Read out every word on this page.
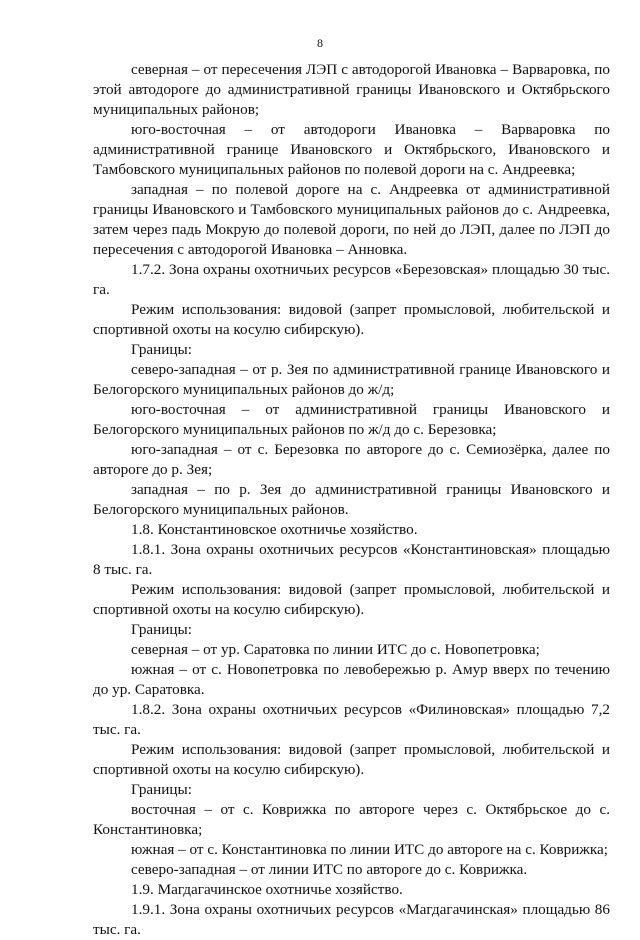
8

северная – от пересечения ЛЭП с автодорогой Ивановка – Варваровка, по этой автодороге до административной границы Ивановского и Октябрьского муниципальных районов;

юго-восточная – от автодороги Ивановка – Варваровка по административной границе Ивановского и Октябрьского, Ивановского и Тамбовского муниципальных районов по полевой дороги на с. Андреевка;

западная – по полевой дороге на с. Андреевка от административной границы Ивановского и Тамбовского муниципальных районов до с. Андреевка, затем через падь Мокрую до полевой дороги, по ней до ЛЭП, далее по ЛЭП до пересечения с автодорогой Ивановка – Анновка.

1.7.2. Зона охраны охотничьих ресурсов «Березовская» площадью 30 тыс. га.

Режим использования: видовой (запрет промысловой, любительской и спортивной охоты на косулю сибирскую).

Границы:

северо-западная – от р. Зея по административной границе Ивановского и Белогорского муниципальных районов до ж/д;

юго-восточная – от административной границы Ивановского и Белогорского муниципальных районов по ж/д до с. Березовка;

юго-западная – от с. Березовка по автороге до с. Семиозёрка, далее по автороге до р. Зея;

западная – по р. Зея до административной границы Ивановского и Белогорского муниципальных районов.

1.8. Константиновское охотничье хозяйство.

1.8.1. Зона охраны охотничьих ресурсов «Константиновская» площадью 8 тыс. га.

Режим использования: видовой (запрет промысловой, любительской и спортивной охоты на косулю сибирскую).

Границы:

северная – от ур. Саратовка по линии ИТС до с. Новопетровка;

южная – от с. Новопетровка по левобережью р. Амур вверх по течению до ур. Саратовка.

1.8.2. Зона охраны охотничьих ресурсов «Филиновская» площадью 7,2 тыс. га.

Режим использования: видовой (запрет промысловой, любительской и спортивной охоты на косулю сибирскую).

Границы:

восточная – от с. Коврижка по автороге через с. Октябрьское до с. Константиновка;

южная – от с. Константиновка по линии ИТС до автороге на с. Коврижка;

северо-западная – от линии ИТС по автороге до с. Коврижка.

1.9. Магдагачинское охотничье хозяйство.

1.9.1. Зона охраны охотничьих ресурсов «Магдагачинская» площадью 86 тыс. га.
